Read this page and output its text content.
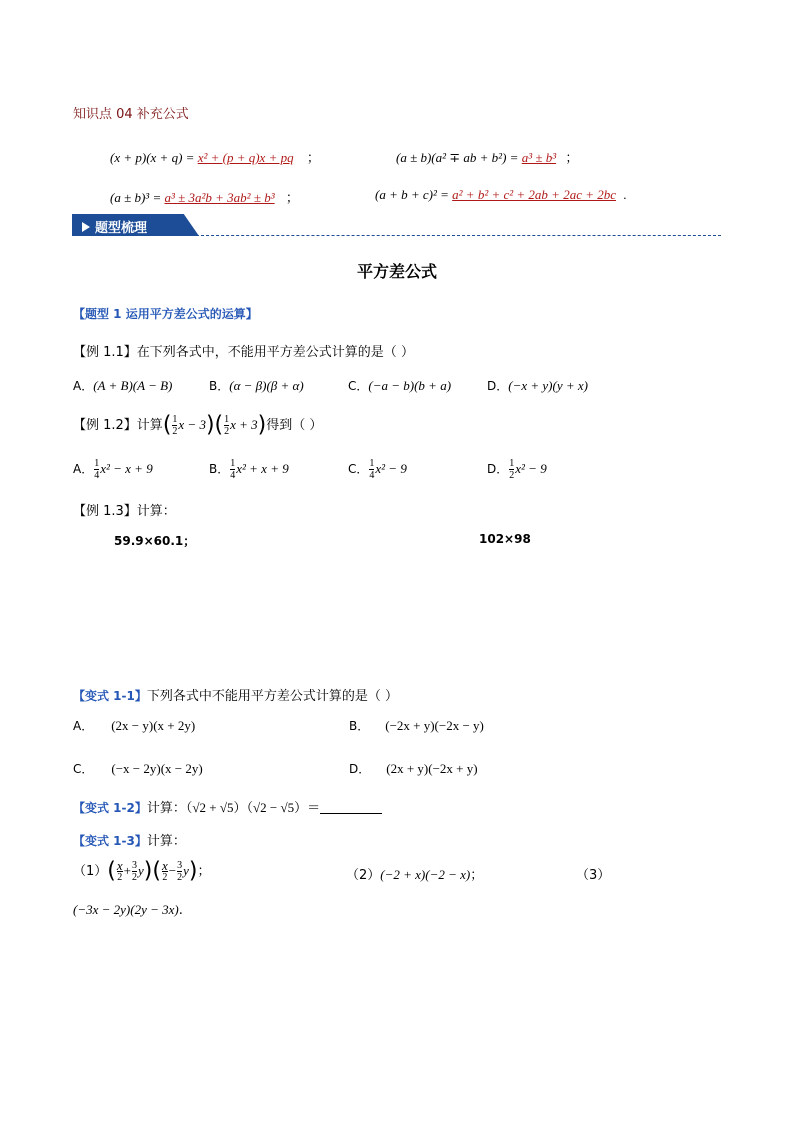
知识点 04 补充公式
(x + p)(x + q) = x² + (p + q)x + pq ；	(a ± b)(a² ∓ ab + b²) = a³ ± b³ ；
(a ± b)³ = a³ ± 3a²b + 3ab² ± b³ ；	(a + b + c)² = a² + b² + c² + 2ab + 2ac + 2bc .
题型梳理
平方差公式
【题型 1 运用平方差公式的运算】
【例 1.1】在下列各式中，不能用平方差公式计算的是（ ）
A．(A + B)(A − B)	B．(α − β)(β + α)	C．(−a − b)(b + a)	D．(−x + y)(y + x)
【例 1.2】计算( $\frac{1}{2}$ $x - 3)( \frac{1}{2}$ x + 3)得到（ ）
A． $\frac{1}{4} x^2 - x + 9$	B． $\frac{1}{4} x^2 + x + 9$	C． $\frac{1}{4} x^2 - 9$	D． $\frac{1}{2} x^2 - 9$
【例 1.3】计算：
59.9×60.1；	102×98
【变式 1-1】下列各式中不能用平方差公式计算的是（ ）
A． (2x − y)(x + 2y)	B． (−2x + y)(−2x − y)
C． (−x − 2y)(x − 2y)	D． (2x + y)(−2x + y)
【变式 1-2】计算：（√2 + √5）（√2 − √5）＝
【变式 1-3】计算：
$(1)( \frac{x}{2} + \frac{3}{2} y)( \frac{x}{2} - \frac{3}{2} y)$；	（2）(−2 + x)(−2 − x)；	（3）
(−3x − 2y)(2y − 3x).
